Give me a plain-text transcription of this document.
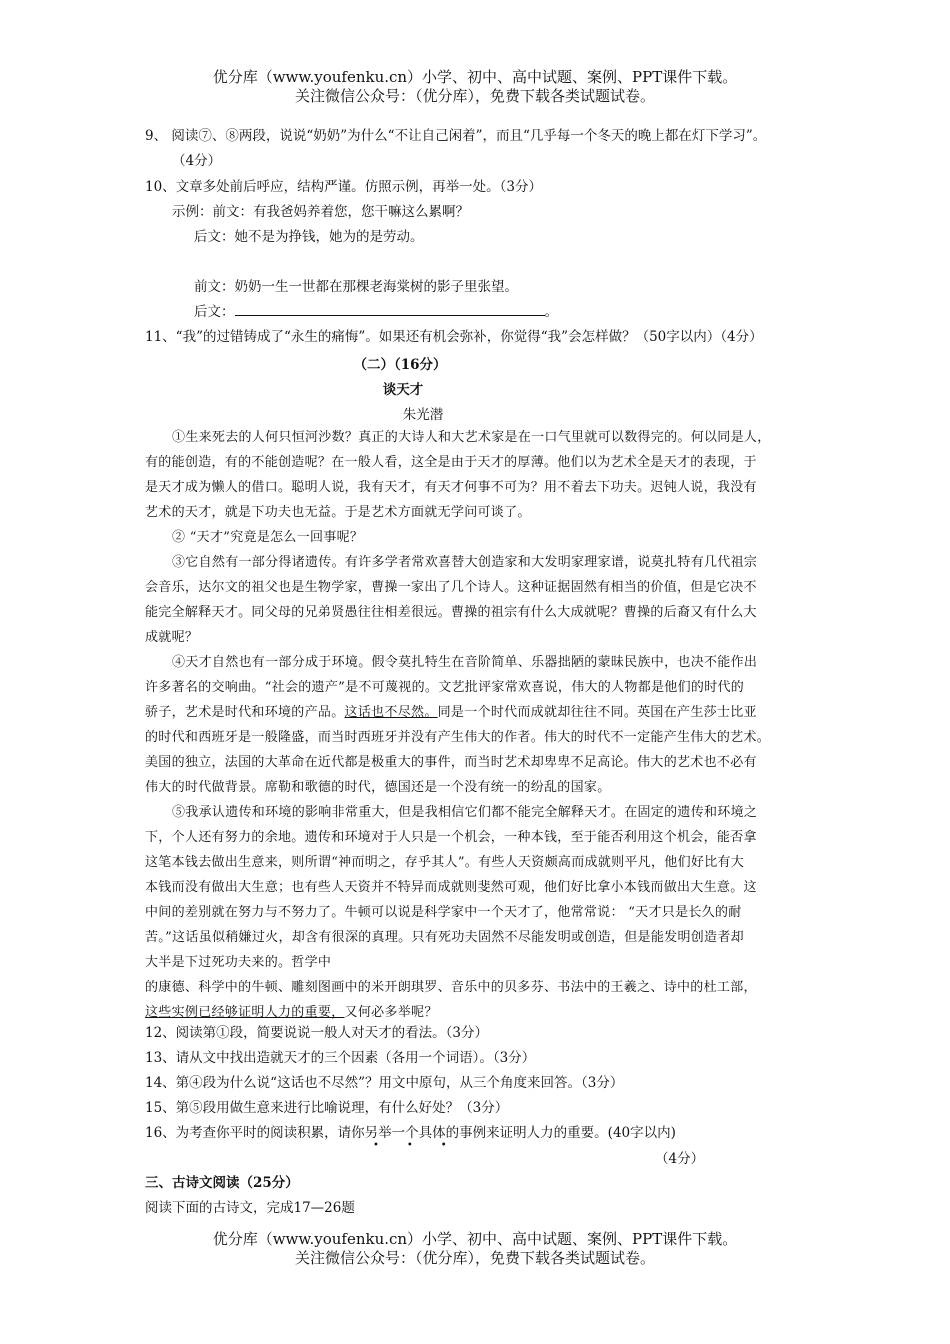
优分库（www.youfenku.cn）小学、初中、高中试题、案例、PPT课件下载。
关注微信公众号：（优分库），免费下载各类试题试卷。
9、 阅读⑦、⑧两段，说说“奶奶”为什么“不让自己闲着”，而且“几乎每一个冬天的晚上都在灯下学习”。
（4分）
10、文章多处前后呼应，结构严谨。仿照示例，再举一处。（3分）
示例：前文：有我爸妈养着您，您干嘛这么累啊？
后文：她不是为挣钱，她为的是劳动。
前文：奶奶一生一世都在那棵老海棠树的影子里张望。
后文：	。
11、“我”的过错铸成了“永生的痛悔”。如果还有机会弥补，你觉得“我”会怎样做？（50字以内）（4分）
（二）（16分）
谈天才
朱光潜
①生来死去的人何只恒河沙数？真正的大诗人和大艺术家是在一口气里就可以数得完的。何以同是人，
有的能创造，有的不能创造呢？在一般人看，这全是由于天才的厚薄。他们以为艺术全是天才的表现，于
是天才成为懒人的借口。聪明人说，我有天才，有天才何事不可为？用不着去下功夫。迟钝人说，我没有
艺术的天才，就是下功夫也无益。于是艺术方面就无学问可谈了。
② “天才”究竟是怎么一回事呢？
③它自然有一部分得诸遗传。有许多学者常欢喜替大创造家和大发明家理家谱，说莫扎特有几代祖宗
会音乐，达尔文的祖父也是生物学家，曹操一家出了几个诗人。这种证据固然有相当的价值，但是它决不
能完全解释天才。同父母的兄弟贤愚往往相差很远。曹操的祖宗有什么大成就呢？曹操的后裔又有什么大
成就呢？
④天才自然也有一部分成于环境。假令莫扎特生在音阶简单、乐器拙陋的蒙昧民族中，也决不能作出
许多著名的交响曲。“社会的遗产”是不可蔑视的。文艺批评家常欢喜说，伟大的人物都是他们的时代的
骄子，艺术是时代和环境的产品。这话也不尽然。同是一个时代而成就却往往不同。英国在产生莎士比亚
的时代和西班牙是一般隆盛，而当时西班牙并没有产生伟大的作者。伟大的时代不一定能产生伟大的艺术。
美国的独立，法国的大革命在近代都是极重大的事件，而当时艺术却卑卑不足高论。伟大的艺术也不必有
伟大的时代做背景。席勒和歌德的时代，德国还是一个没有统一的纷乱的国家。
⑤我承认遗传和环境的影响非常重大，但是我相信它们都不能完全解释天才。在固定的遗传和环境之
下，个人还有努力的余地。遗传和环境对于人只是一个机会，一种本钱，至于能否利用这个机会，能否拿
这笔本钱去做出生意来，则所谓“神而明之，存乎其人”。有些人天资颇高而成就则平凡，他们好比有大
本钱而没有做出大生意；也有些人天资并不特异而成就则斐然可观，他们好比拿小本钱而做出大生意。这
中间的差别就在努力与不努力了。牛顿可以说是科学家中一个天才了，他常常说： “天才只是长久的耐
苦。”这话虽似稍嫌过火，却含有很深的真理。只有死功夫固然不尽能发明或创造，但是能发明创造者却
大半是下过死功夫来的。哲学中
的康德、科学中的牛顿、雕刻图画中的米开朗琪罗、音乐中的贝多芬、书法中的王羲之、诗中的杜工部，
这些实例已经够证明人力的重要，又何必多举呢？
12、阅读第①段，简要说说一般人对天才的看法。（3分）
13、请从文中找出造就天才的三个因素（各用一个词语）。（3分）
14、第④段为什么说“这话也不尽然”？用文中原句，从三个角度来回答。（3分）
15、第⑤段用做生意来进行比喻说理，有什么好处？（3分）
16、为考查你平时的阅读积累，请你另举一个具体的事例来证明人力的重要。(40字以内)
•••
（4分）
三、古诗文阅读（25分）
阅读下面的古诗文，完成17—26题
优分库（www.youfenku.cn）小学、初中、高中试题、案例、PPT课件下载。
关注微信公众号：（优分库），免费下载各类试题试卷。
